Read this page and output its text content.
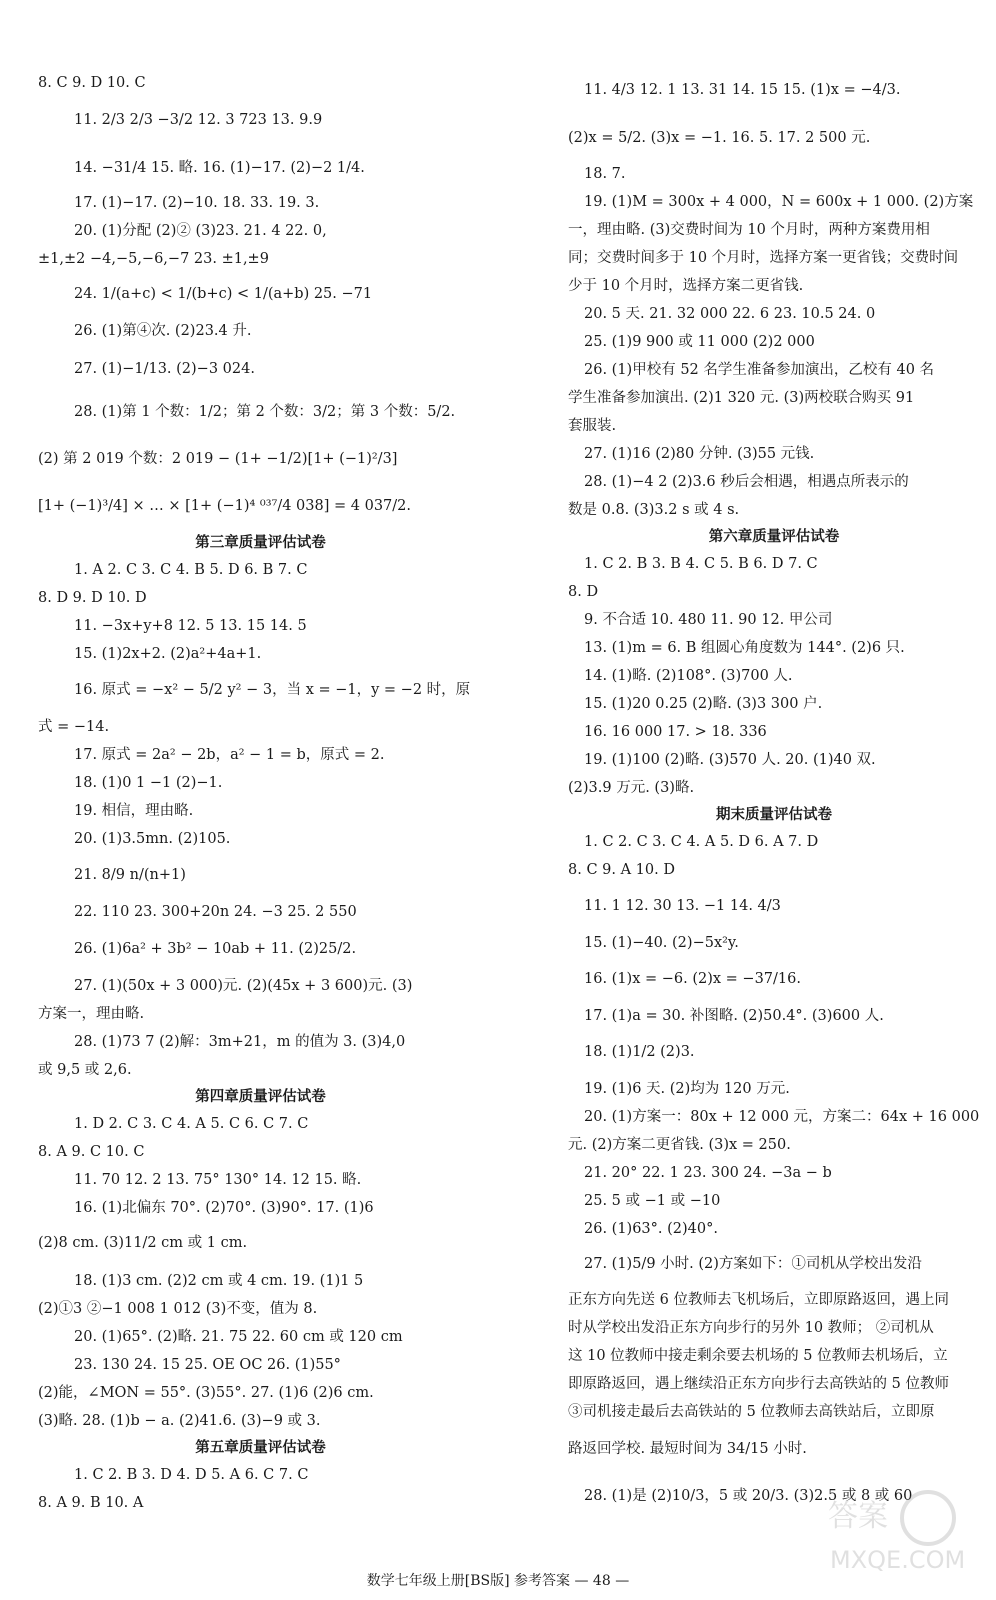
8. C 9. D 10. C
11. 2/3 2/3 −3/2 12. 3 723 13. 9.9
14. −31/4 15. 略. 16. (1)−17. (2)−2 1/4.
17. (1)−17. (2)−10. 18. 33. 19. 3.
20. (1)分配 (2)② (3)23. 21. 4 22. 0,
±1,±2 −4,−5,−6,−7 23. ±1,±9
24. 1/(a+c) < 1/(b+c) < 1/(a+b) 25. −71
26. (1)第④次. (2)23.4 升.
27. (1)−1/13. (2)−3 024.
28. (1)第 1 个数：1/2；第 2 个数：3/2；第 3 个数：5/2.
(2) 第 2 019 个数：2 019 − (1+ −1/2)[1+ (−1)²/3]
[1+ (−1)³/4] × … × [1+ (−1)⁴ ⁰³⁷/4 038] = 4 037/2.
第三章质量评估试卷
1. A 2. C 3. C 4. B 5. D 6. B 7. C
8. D 9. D 10. D
11. −3x+y+8 12. 5 13. 15 14. 5
15. (1)2x+2. (2)a²+4a+1.
16. 原式 = −x² − 5/2 y² − 3，当 x = −1，y = −2 时，原
式 = −14.
17. 原式 = 2a² − 2b，a² − 1 = b，原式 = 2.
18. (1)0 1 −1 (2)−1.
19. 相信，理由略.
20. (1)3.5mn. (2)105.
21. 8/9 n/(n+1)
22. 110 23. 300+20n 24. −3 25. 2 550
26. (1)6a² + 3b² − 10ab + 11. (2)25/2.
27. (1)(50x + 3 000)元. (2)(45x + 3 600)元. (3)
方案一，理由略.
28. (1)73 7 (2)解：3m+21，m 的值为 3. (3)4,0
或 9,5 或 2,6.
第四章质量评估试卷
1. D 2. C 3. C 4. A 5. C 6. C 7. C
8. A 9. C 10. C
11. 70 12. 2 13. 75° 130° 14. 12 15. 略.
16. (1)北偏东 70°. (2)70°. (3)90°. 17. (1)6
(2)8 cm. (3)11/2 cm 或 1 cm.
18. (1)3 cm. (2)2 cm 或 4 cm. 19. (1)1 5
(2)①3 ②−1 008 1 012 (3)不变，值为 8.
20. (1)65°. (2)略. 21. 75 22. 60 cm 或 120 cm
23. 130 24. 15 25. OE OC 26. (1)55°
(2)能，∠MON = 55°. (3)55°. 27. (1)6 (2)6 cm.
(3)略. 28. (1)b − a. (2)41.6. (3)−9 或 3.
第五章质量评估试卷
1. C 2. B 3. D 4. D 5. A 6. C 7. C
8. A 9. B 10. A
11. 4/3 12. 1 13. 31 14. 15 15. (1)x = −4/3.
(2)x = 5/2. (3)x = −1. 16. 5. 17. 2 500 元.
18. 7.
19. (1)M = 300x + 4 000，N = 600x + 1 000. (2)方案
一，理由略. (3)交费时间为 10 个月时，两种方案费用相
同；交费时间多于 10 个月时，选择方案一更省钱；交费时间
少于 10 个月时，选择方案二更省钱.
20. 5 天. 21. 32 000 22. 6 23. 10.5 24. 0
25. (1)9 900 或 11 000 (2)2 000
26. (1)甲校有 52 名学生准备参加演出，乙校有 40 名
学生准备参加演出. (2)1 320 元. (3)两校联合购买 91
套服装.
27. (1)16 (2)80 分钟. (3)55 元钱.
28. (1)−4 2 (2)3.6 秒后会相遇，相遇点所表示的
数是 0.8. (3)3.2 s 或 4 s.
第六章质量评估试卷
1. C 2. B 3. B 4. C 5. B 6. D 7. C
8. D
9. 不合适 10. 480 11. 90 12. 甲公司
13. (1)m = 6. B 组圆心角度数为 144°. (2)6 只.
14. (1)略. (2)108°. (3)700 人.
15. (1)20 0.25 (2)略. (3)3 300 户.
16. 16 000 17. > 18. 336
19. (1)100 (2)略. (3)570 人. 20. (1)40 双.
(2)3.9 万元. (3)略.
期末质量评估试卷
1. C 2. C 3. C 4. A 5. D 6. A 7. D
8. C 9. A 10. D
11. 1 12. 30 13. −1 14. 4/3
15. (1)−40. (2)−5x²y.
16. (1)x = −6. (2)x = −37/16.
17. (1)a = 30. 补图略. (2)50.4°. (3)600 人.
18. (1)1/2 (2)3.
19. (1)6 天. (2)均为 120 万元.
20. (1)方案一：80x + 12 000 元，方案二：64x + 16 000
元. (2)方案二更省钱. (3)x = 250.
21. 20° 22. 1 23. 300 24. −3a − b
25. 5 或 −1 或 −10
26. (1)63°. (2)40°.
27. (1)5/9 小时. (2)方案如下：①司机从学校出发沿
正东方向先送 6 位教师去飞机场后，立即原路返回，遇上同
时从学校出发沿正东方向步行的另外 10 教师； ②司机从
这 10 位教师中接走剩余要去机场的 5 位教师去机场后，立
即原路返回，遇上继续沿正东方向步行去高铁站的 5 位教师
③司机接走最后去高铁站的 5 位教师去高铁站后，立即原
路返回学校. 最短时间为 34/15 小时.
28. (1)是 (2)10/3，5 或 20/3. (3)2.5 或 8 或 60
数学七年级上册[BS版] 参考答案 — 48 —
答案
MXQE.COM
